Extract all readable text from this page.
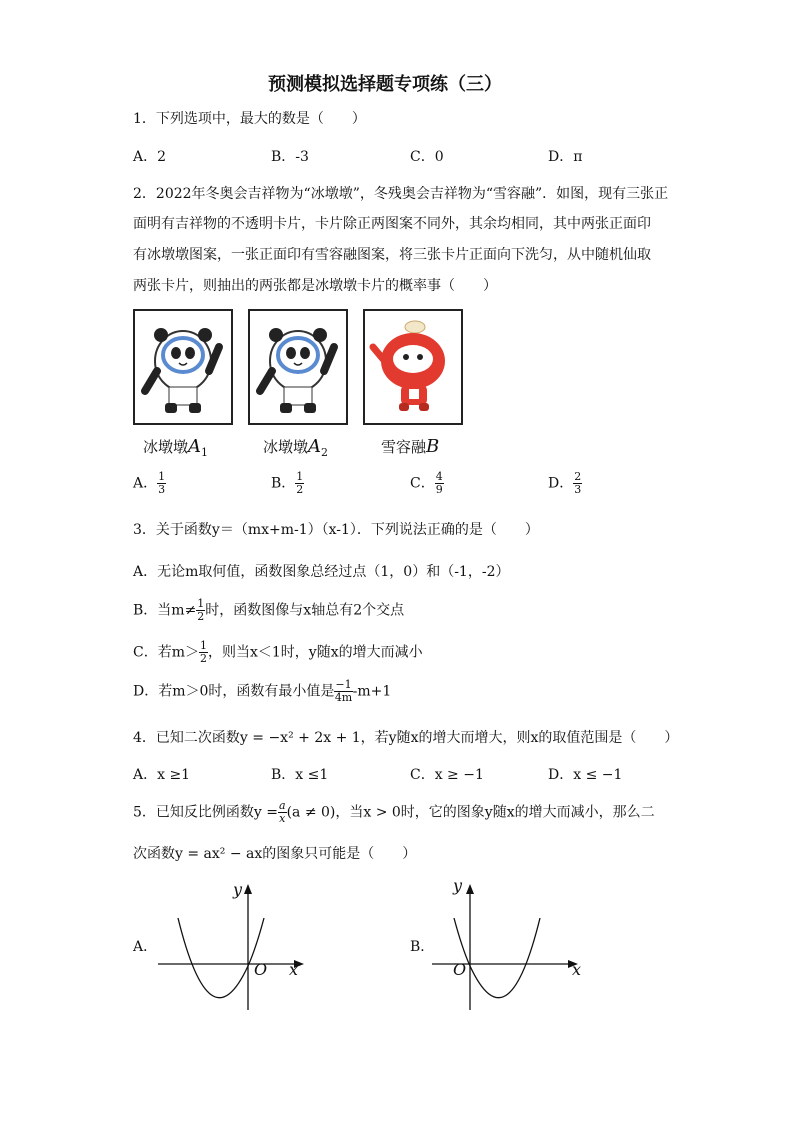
预测模拟选择题专项练（三）
1．下列选项中，最大的数是（　　）
A．2	B．-3	C．0	D．π
2．2022年冬奥会吉祥物为“冰墩墩”，冬残奥会吉祥物为“雪容融”．如图，现有三张正
面明有吉祥物的不透明卡片，卡片除正两图案不同外，其余均相同，其中两张正面印
有冰墩墩图案，一张正面印有雪容融图案，将三张卡片正面向下洗匀，从中随机仙取
两张卡片，则抽出的两张都是冰墩墩卡片的概率事（　　）
冰墩墩$A_1$	冰墩墩$A_2$	雪容融B
A． $\frac{1}{3}$	B． $\frac{1}{2}$	C． $\frac{4}{9}$	D． $\frac{2}{3}$
3．关于函数y＝（mx+m-1）（x-1）．下列说法正确的是（　　）
A．无论m取何值，函数图象总经过点（1，0）和（-1，-2）
B．当$m\ne \frac{1}{2}$ 时，函数图像与x轴总有2个交点
C．若$m> \frac{1}{2}$ ，则当x＜1时，y随x的增大而减小
D．若m＞0时，函数有最小值是 $\frac{-1}{4m} -m+1$
4．已知二次函数y = −x² + 2x + 1，若y随x的增大而增大，则x的取值范围是（　　）
A．x ≥1	B．x ≤1	C．x ≥ −1	D．x ≤ −1
5．已知反比例函数$y = \frac{a}{x} (a \ne 0)$，当x > 0时，它的图象y随x的增大而减小，那么二
次函数y = ax² − ax的图象只可能是（　　）
A．
y
x
O
B．
y
x
O
